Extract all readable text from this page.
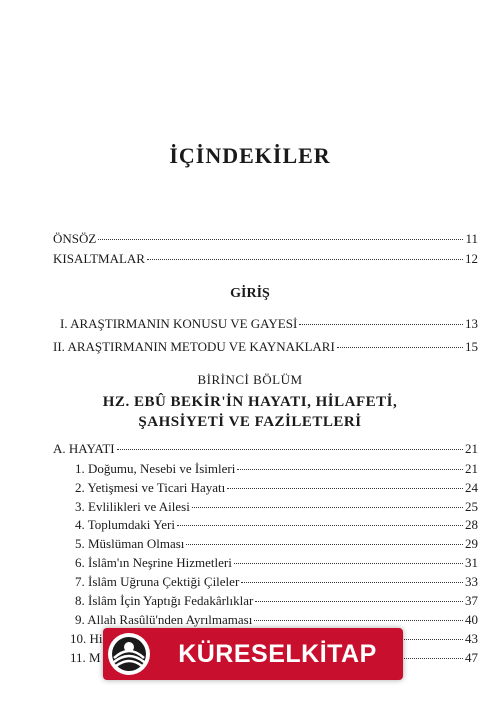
İÇİNDEKİLER
ÖNSÖZ	11
KISALTMALAR	12
GİRİŞ
I. ARAŞTIRMANIN KONUSU VE GAYESİ	13
II. ARAŞTIRMANIN METODU VE KAYNAKLARI	15
BİRİNCİ BÖLÜM
HZ. EBÛ BEKİR'İN HAYATI, HİLAFETİ,
ŞAHSİYETİ VE FAZİLETLERİ
A. HAYATI	21
1. Doğumu, Nesebi ve İsimleri	21
2. Yetişmesi ve Ticari Hayatı	24
3. Evlilikleri ve Ailesi	25
4. Toplumdaki Yeri	28
5. Müslüman Olması	29
6. İslâm'ın Neşrine Hizmetleri	31
7. İslâm Uğruna Çektiği Çileler	33
8. İslâm İçin Yaptığı Fedakârlıklar	37
9. Allah Rasûlü'nden Ayrılmaması	40
10. Hi	43
11. M	47
KÜRESELKİTAP
